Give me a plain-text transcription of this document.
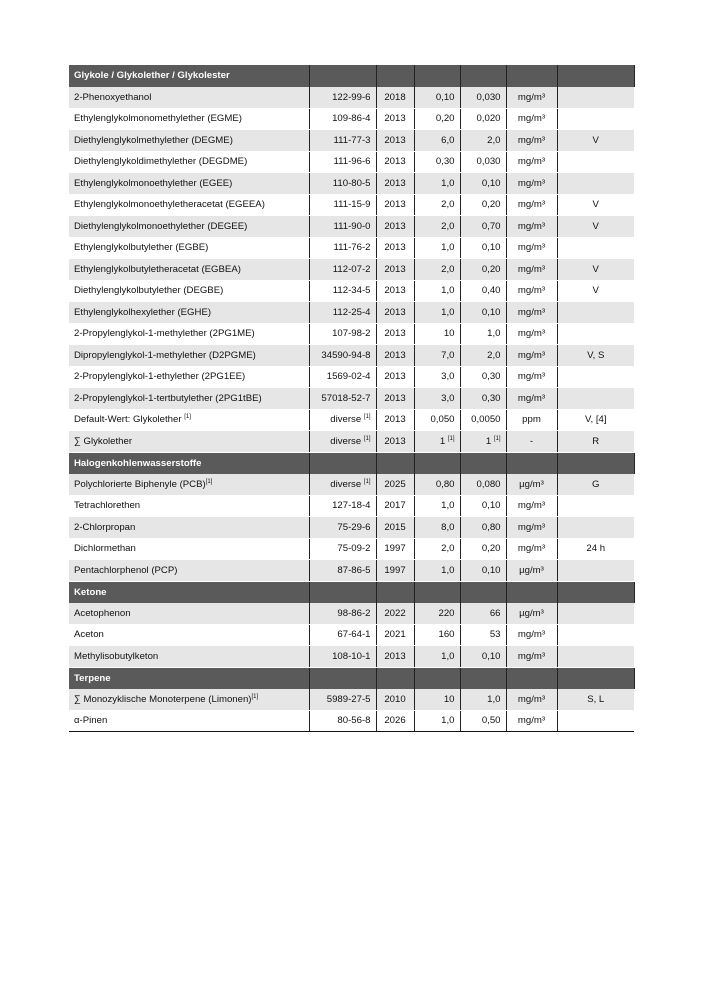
Glykole / Glykolether / Glykolester						
2-Phenoxyethanol	122-99-6	2018	0,10	0,030	mg/m³	
Ethylenglykolmonomethylether (EGME)	109-86-4	2013	0,20	0,020	mg/m³	
Diethylenglykolmethylether (DEGME)	111-77-3	2013	6,0	2,0	mg/m³	V
Diethylenglykoldimethylether (DEGDME)	111-96-6	2013	0,30	0,030	mg/m³	
Ethylenglykolmonoethylether (EGEE)	110-80-5	2013	1,0	0,10	mg/m³	
Ethylenglykolmonoethyletheracetat (EGEEA)	111-15-9	2013	2,0	0,20	mg/m³	V
Diethylenglykolmonoethylether (DEGEE)	111-90-0	2013	2,0	0,70	mg/m³	V
Ethylenglykolbutylether (EGBE)	111-76-2	2013	1,0	0,10	mg/m³	
Ethylenglykolbutyletheracetat (EGBEA)	112-07-2	2013	2,0	0,20	mg/m³	V
Diethylenglykolbutylether (DEGBE)	112-34-5	2013	1,0	0,40	mg/m³	V
Ethylenglykolhexylether (EGHE)	112-25-4	2013	1,0	0,10	mg/m³	
2-Propylenglykol-1-methylether (2PG1ME)	107-98-2	2013	10	1,0	mg/m³	
Dipropylenglykol-1-methylether (D2PGME)	34590-94-8	2013	7,0	2,0	mg/m³	V, S
2-Propylenglykol-1-ethylether (2PG1EE)	1569-02-4	2013	3,0	0,30	mg/m³	
2-Propylenglykol-1-tertbutylether (2PG1tBE)	57018-52-7	2013	3,0	0,30	mg/m³	
Default-Wert: Glykolether [1]	diverse [1]	2013	0,050	0,0050	ppm	V, [4]
∑ Glykolether	diverse [1]	2013	1 [1]	1 [1]	-	R
Halogenkohlenwasserstoffe						
Polychlorierte Biphenyle (PCB)[1]	diverse [1]	2025	0,80	0,080	µg/m³	G
Tetrachlorethen	127-18-4	2017	1,0	0,10	mg/m³	
2-Chlorpropan	75-29-6	2015	8,0	0,80	mg/m³	
Dichlormethan	75-09-2	1997	2,0	0,20	mg/m³	24 h
Pentachlorphenol (PCP)	87-86-5	1997	1,0	0,10	µg/m³	
Ketone						
Acetophenon	98-86-2	2022	220	66	µg/m³	
Aceton	67-64-1	2021	160	53	mg/m³	
Methylisobutylketon	108-10-1	2013	1,0	0,10	mg/m³	
Terpene						
∑ Monozyklische Monoterpene (Limonen)[1]	5989-27-5	2010	10	1,0	mg/m³	S, L
α-Pinen	80-56-8	2026	1,0	0,50	mg/m³	
